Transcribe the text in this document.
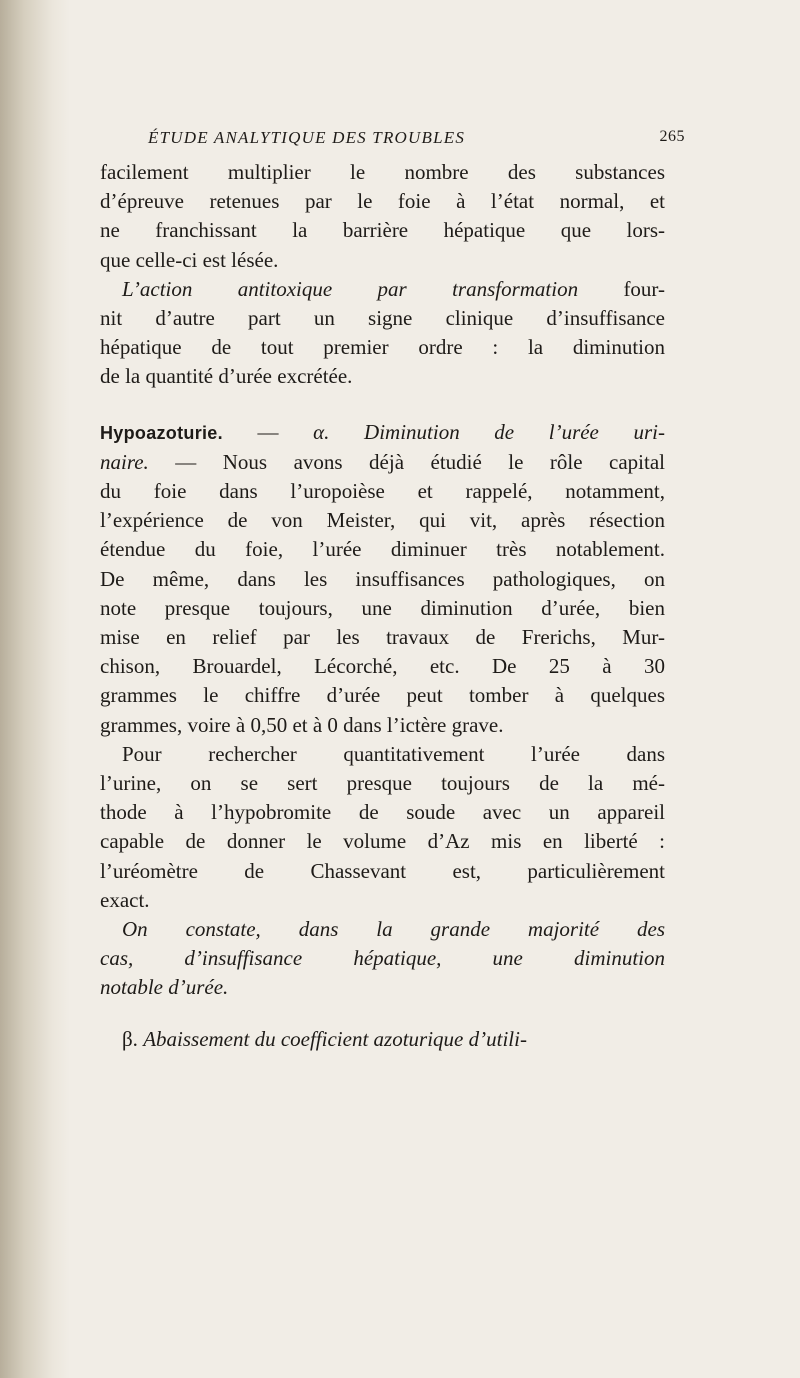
ÉTUDE ANALYTIQUE DES TROUBLES	265
facilement multiplier le nombre des substances
d’épreuve retenues par le foie à l’état normal, et
ne franchissant la barrière hépatique que lors-
que celle-ci est lésée.
L’action antitoxique par transformation four-
nit d’autre part un signe clinique d’insuffisance
hépatique de tout premier ordre : la diminution
de la quantité d’urée excrétée.
Hypoazoturie. — α. Diminution de l’urée uri-
naire. — Nous avons déjà étudié le rôle capital
du foie dans l’uropoièse et rappelé, notamment,
l’expérience de von Meister, qui vit, après résection
étendue du foie, l’urée diminuer très notablement.
De même, dans les insuffisances pathologiques, on
note presque toujours, une diminution d’urée, bien
mise en relief par les travaux de Frerichs, Mur-
chison, Brouardel, Lécorché, etc. De 25 à 30
grammes le chiffre d’urée peut tomber à quelques
grammes, voire à 0,50 et à 0 dans l’ictère grave.
Pour rechercher quantitativement l’urée dans
l’urine, on se sert presque toujours de la mé-
thode à l’hypobromite de soude avec un appareil
capable de donner le volume d’Az mis en liberté :
l’uréomètre de Chassevant est, particulièrement
exact.
On constate, dans la grande majorité des
cas, d’insuffisance hépatique, une diminution
notable d’urée.
β. Abaissement du coefficient azoturique d’utili-
